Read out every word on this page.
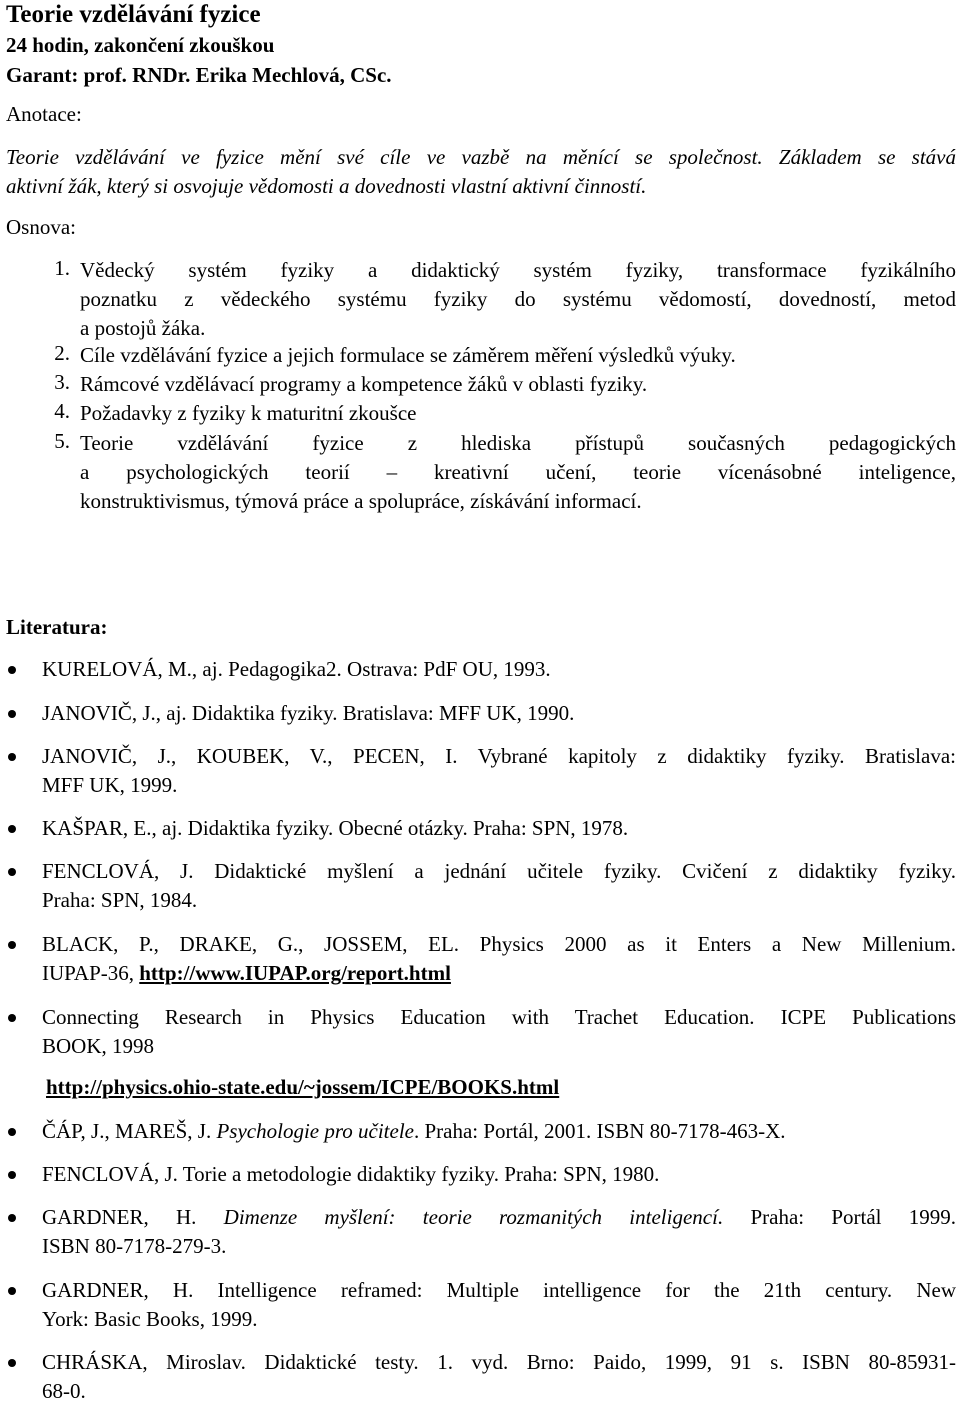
Teorie vzdělávání fyzice
24 hodin, zakončení zkouškou
Garant: prof. RNDr. Erika Mechlová, CSc.
Anotace:
Teorie vzdělávání ve fyzice mění své cíle ve vazbě na měnící se společnost. Základem se stává
aktivní žák, který si osvojuje vědomosti a dovednosti vlastní aktivní činností.
Osnova:
1. Vědecký systém fyziky a didaktický systém fyziky, transformace fyzikálního
poznatku z vědeckého systému fyziky do systému vědomostí, dovedností, metod
a postojů žáka.
2. Cíle vzdělávání fyzice a jejich formulace se záměrem měření výsledků výuky.
3. Rámcové vzdělávací programy a kompetence žáků v oblasti fyziky.
4. Požadavky z fyziky k maturitní zkoušce
5. Teorie vzdělávání fyzice z hlediska přístupů současných pedagogických
a psychologických teorií – kreativní učení, teorie vícenásobné inteligence,
konstruktivismus, týmová práce a spolupráce, získávání informací.
Literatura:
KURELOVÁ, M., aj. Pedagogika2. Ostrava: PdF OU, 1993.
JANOVIČ, J., aj. Didaktika fyziky. Bratislava: MFF UK, 1990.
JANOVIČ, J., KOUBEK, V., PECEN, I. Vybrané kapitoly z didaktiky fyziky. Bratislava:
MFF UK, 1999.
KAŠPAR, E., aj. Didaktika fyziky. Obecné otázky. Praha: SPN, 1978.
FENCLOVÁ, J. Didaktické myšlení a jednání učitele fyziky. Cvičení z didaktiky fyziky.
Praha: SPN, 1984.
BLACK, P., DRAKE, G., JOSSEM, EL. Physics 2000 as it Enters a New Millenium.
IUPAP-36, http://www.IUPAP.org/report.html
Connecting Research in Physics Education with Trachet Education. ICPE Publications
BOOK, 1998
http://physics.ohio-state.edu/~jossem/ICPE/BOOKS.html
ČÁP, J., MAREŠ, J. Psychologie pro učitele. Praha: Portál, 2001. ISBN 80-7178-463-X.
FENCLOVÁ, J. Torie a metodologie didaktiky fyziky. Praha: SPN, 1980.
GARDNER, H. Dimenze myšlení: teorie rozmanitých inteligencí. Praha: Portál 1999.
ISBN 80-7178-279-3.
GARDNER, H. Intelligence reframed: Multiple intelligence for the 21th century. New
York: Basic Books, 1999.
CHRÁSKA, Miroslav. Didaktické testy. 1. vyd. Brno: Paido, 1999, 91 s. ISBN 80-85931-
68-0.
